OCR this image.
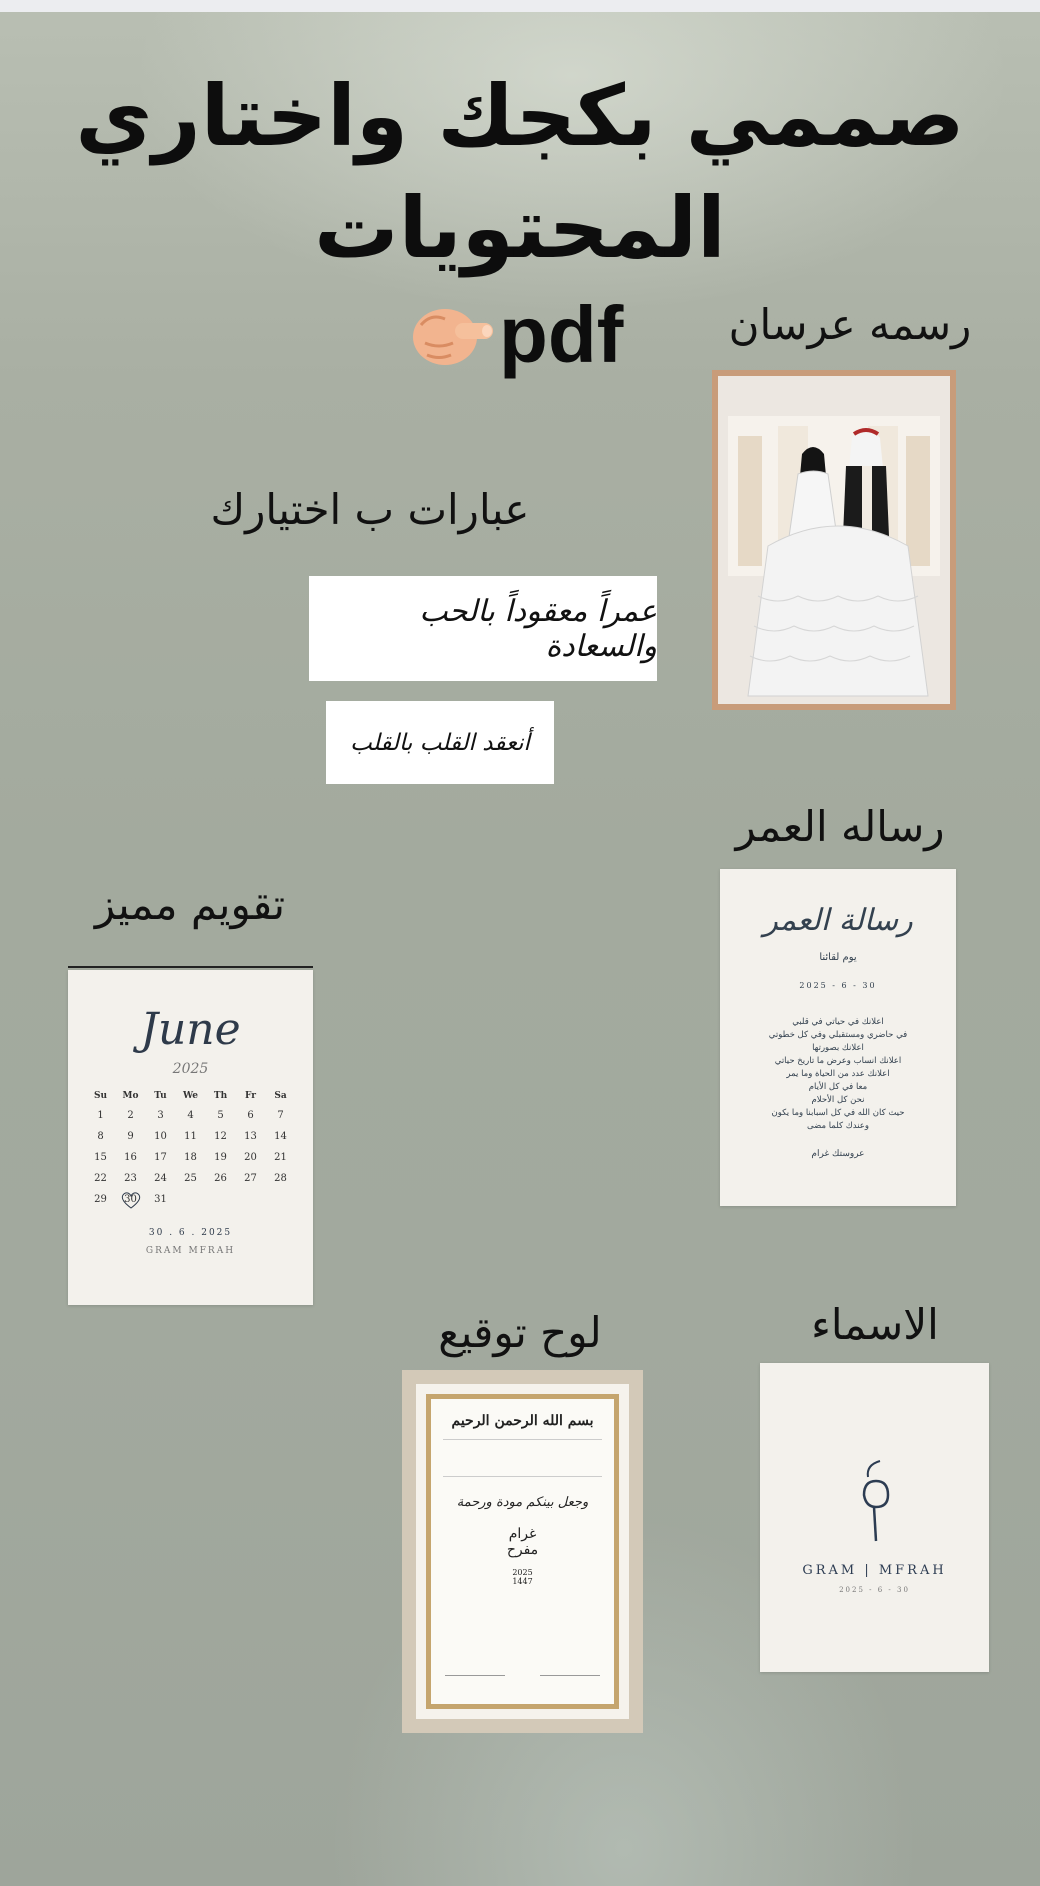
صممي بكجك واختاري المحتويات
pdf	رسمه عرسان
عبارات ب اختيارك
عمراً معقوداً بالحب والسعادة
أنعقد القلب بالقلب
رساله العمر
رسالة العمر
يوم لقائنا
2025 - 6 - 30
اعلانك في حياتي في قلبي
في حاضري ومستقبلي وفي كل خطوتي
اعلانك بصورتها
اعلانك انساب وعرض ما تاريخ حياتي
اعلانك عدد من الحياة وما يمر
معا في كل الأيام
نحن كل الأحلام
حيث كان الله في كل اسبابنا وما يكون
وعندك كلما مضى
عروستك غرام
تقويم مميز
June
2025
Su	Mo	Tu	We	Th	Fr	Sa
1	2	3	4	5	6	7
8	9	10	11	12	13	14
15	16	17	18	19	20	21
22	23	24	25	26	27	28
29	30	31				
30 . 6 . 2025
GRAM MFRAH
الاسماء
GRAM | MFRAH
2025 - 6 - 30
لوح توقيع
بسم الله الرحمن الرحيم
وجعل بينكم مودة ورحمة
غرام
مفرح
2025
1447
